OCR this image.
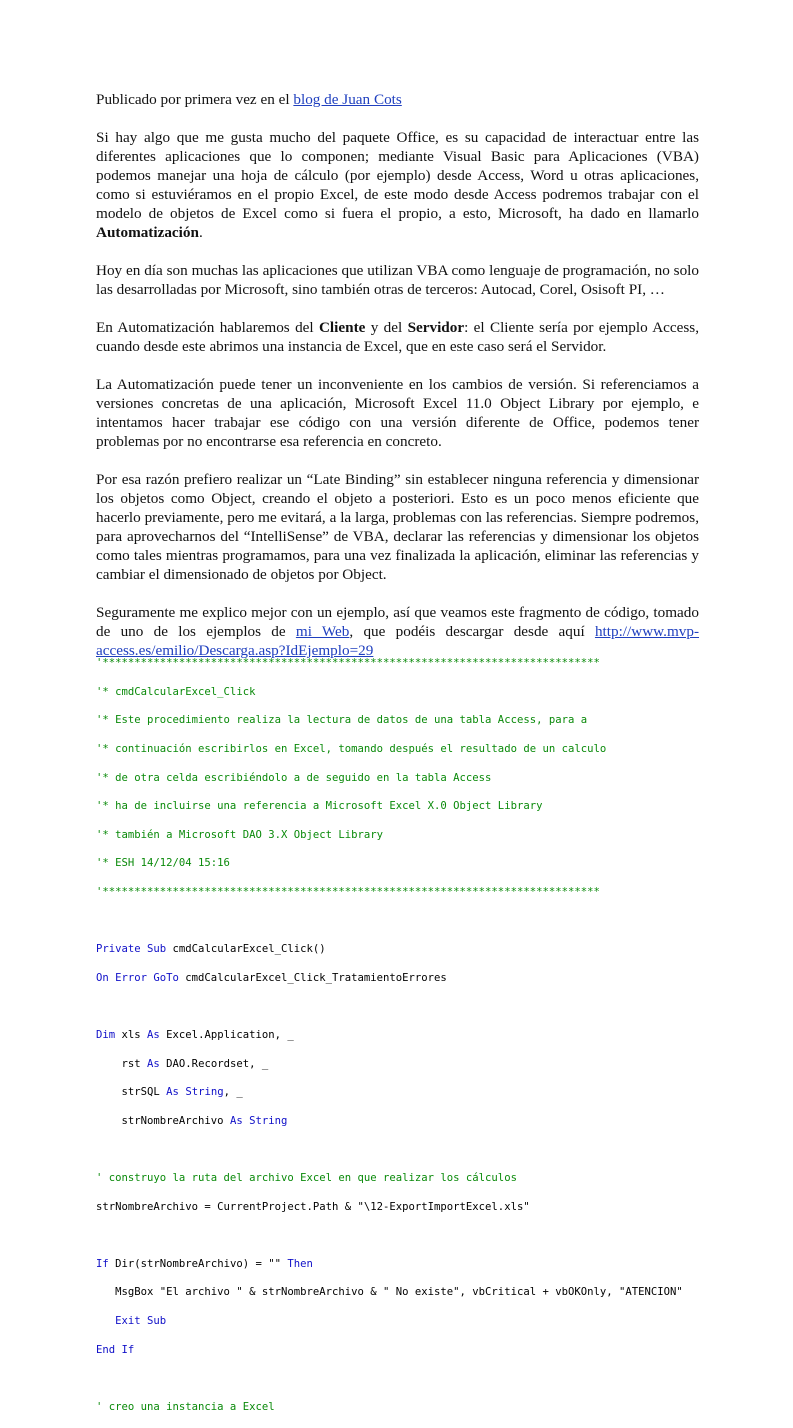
Publicado por primera vez en el blog de Juan Cots

Si hay algo que me gusta mucho del paquete Office, es su capacidad de interactuar entre las diferentes aplicaciones que lo componen; mediante Visual Basic para Aplicaciones (VBA) podemos manejar una hoja de cálculo (por ejemplo) desde Access, Word u otras aplicaciones, como si estuviéramos en el propio Excel, de este modo desde Access podremos trabajar con el modelo de objetos de Excel como si fuera el propio, a esto, Microsoft, ha dado en llamarlo Automatización.

Hoy en día son muchas las aplicaciones que utilizan VBA como lenguaje de programación, no solo las desarrolladas por Microsoft, sino también otras de terceros: Autocad, Corel, Osisoft PI, …

En Automatización hablaremos del Cliente y del Servidor: el Cliente sería por ejemplo Access, cuando desde este abrimos una instancia de Excel, que en este caso será el Servidor.

La Automatización puede tener un inconveniente en los cambios de versión. Si referenciamos a versiones concretas de una aplicación, Microsoft Excel 11.0 Object Library por ejemplo, e intentamos hacer trabajar ese código con una versión diferente de Office, podemos tener problemas por no encontrarse esa referencia en concreto.

Por esa razón prefiero realizar un “Late Binding” sin establecer ninguna referencia y dimensionar los objetos como Object, creando el objeto a posteriori. Esto es un poco menos eficiente que hacerlo previamente, pero me evitará, a la larga, problemas con las referencias. Siempre podremos, para aprovecharnos del “IntelliSense” de VBA, declarar las referencias y dimensionar los objetos como tales mientras programamos, para una vez finalizada la aplicación, eliminar las referencias y cambiar el dimensionado de objetos por Object.

Seguramente me explico mejor con un ejemplo, así que veamos este fragmento de código, tomado de uno de los ejemplos de mi Web, que podéis descargar desde aquí http://www.mvp-access.es/emilio/Descarga.asp?IdEjemplo=29

'******************************************************************************

'* cmdCalcularExcel_Click

'* Este procedimiento realiza la lectura de datos de una tabla Access, para a

'* continuación escribirlos en Excel, tomando después el resultado de un calculo

'* de otra celda escribiéndolo a de seguido en la tabla Access

'* ha de incluirse una referencia a Microsoft Excel X.0 Object Library

'* también a Microsoft DAO 3.X Object Library

'* ESH 14/12/04 15:16

'******************************************************************************

Private Sub cmdCalcularExcel_Click()

On Error GoTo cmdCalcularExcel_Click_TratamientoErrores

Dim xls As Excel.Application, _

rst As DAO.Recordset, _

strSQL As String, _

strNombreArchivo As String

' construyo la ruta del archivo Excel en que realizar los cálculos

strNombreArchivo = CurrentProject.Path & "\12-ExportImportExcel.xls"

If Dir(strNombreArchivo) = "" Then

MsgBox "El archivo " & strNombreArchivo & " No existe", vbCritical + vbOKOnly, "ATENCION"

Exit Sub

End If

' creo una instancia a Excel
